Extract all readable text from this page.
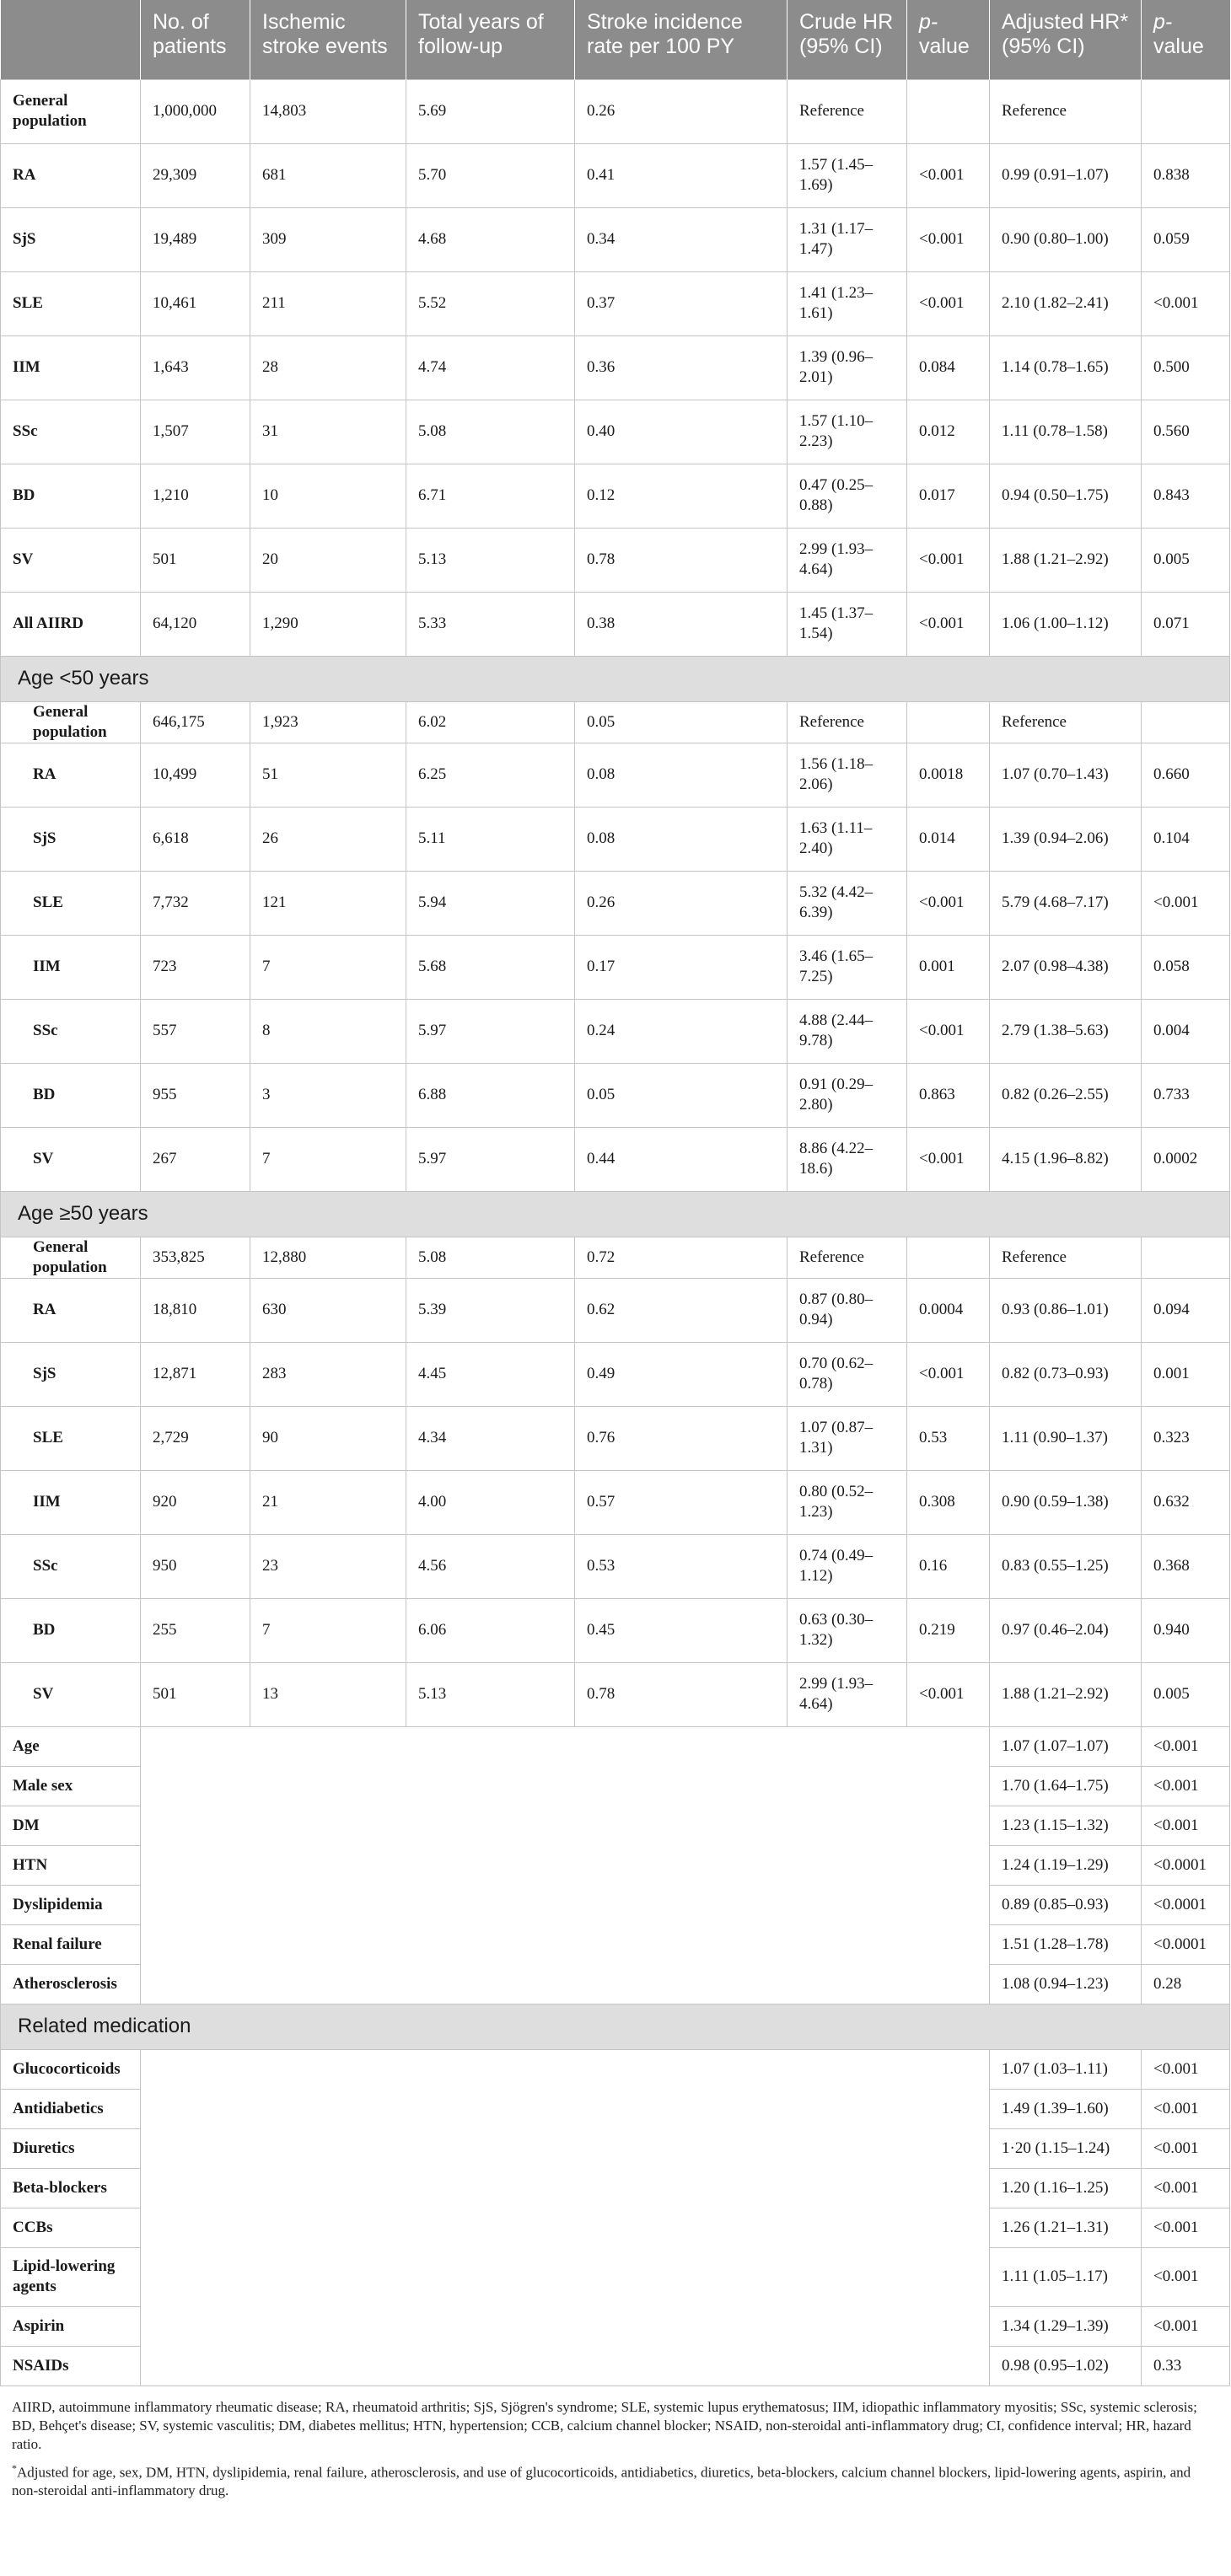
	No. of patients	Ischemic stroke events	Total years of follow-up	Stroke incidence rate per 100 PY	Crude HR (95% CI)	p-value	Adjusted HR* (95% CI)	p-value
General population	1,000,000	14,803	5.69	0.26	Reference		Reference	
RA	29,309	681	5.70	0.41	1.57 (1.45–1.69)	<0.001	0.99 (0.91–1.07)	0.838
SjS	19,489	309	4.68	0.34	1.31 (1.17–1.47)	<0.001	0.90 (0.80–1.00)	0.059
SLE	10,461	211	5.52	0.37	1.41 (1.23–1.61)	<0.001	2.10 (1.82–2.41)	<0.001
IIM	1,643	28	4.74	0.36	1.39 (0.96–2.01)	0.084	1.14 (0.78–1.65)	0.500
SSc	1,507	31	5.08	0.40	1.57 (1.10–2.23)	0.012	1.11 (0.78–1.58)	0.560
BD	1,210	10	6.71	0.12	0.47 (0.25–0.88)	0.017	0.94 (0.50–1.75)	0.843
SV	501	20	5.13	0.78	2.99 (1.93–4.64)	<0.001	1.88 (1.21–2.92)	0.005
All AIIRD	64,120	1,290	5.33	0.38	1.45 (1.37–1.54)	<0.001	1.06 (1.00–1.12)	0.071
Age <50 years								
General population	646,175	1,923	6.02	0.05	Reference		Reference	
RA	10,499	51	6.25	0.08	1.56 (1.18–2.06)	0.0018	1.07 (0.70–1.43)	0.660
SjS	6,618	26	5.11	0.08	1.63 (1.11–2.40)	0.014	1.39 (0.94–2.06)	0.104
SLE	7,732	121	5.94	0.26	5.32 (4.42–6.39)	<0.001	5.79 (4.68–7.17)	<0.001
IIM	723	7	5.68	0.17	3.46 (1.65–7.25)	0.001	2.07 (0.98–4.38)	0.058
SSc	557	8	5.97	0.24	4.88 (2.44–9.78)	<0.001	2.79 (1.38–5.63)	0.004
BD	955	3	6.88	0.05	0.91 (0.29–2.80)	0.863	0.82 (0.26–2.55)	0.733
SV	267	7	5.97	0.44	8.86 (4.22–18.6)	<0.001	4.15 (1.96–8.82)	0.0002
Age ≥50 years								
General population	353,825	12,880	5.08	0.72	Reference		Reference	
RA	18,810	630	5.39	0.62	0.87 (0.80–0.94)	0.0004	0.93 (0.86–1.01)	0.094
SjS	12,871	283	4.45	0.49	0.70 (0.62–0.78)	<0.001	0.82 (0.73–0.93)	0.001
SLE	2,729	90	4.34	0.76	1.07 (0.87–1.31)	0.53	1.11 (0.90–1.37)	0.323
IIM	920	21	4.00	0.57	0.80 (0.52–1.23)	0.308	0.90 (0.59–1.38)	0.632
SSc	950	23	4.56	0.53	0.74 (0.49–1.12)	0.16	0.83 (0.55–1.25)	0.368
BD	255	7	6.06	0.45	0.63 (0.30–1.32)	0.219	0.97 (0.46–2.04)	0.940
SV	501	13	5.13	0.78	2.99 (1.93–4.64)	<0.001	1.88 (1.21–2.92)	0.005
Age							1.07 (1.07–1.07)	<0.001
Male sex							1.70 (1.64–1.75)	<0.001
DM							1.23 (1.15–1.32)	<0.001
HTN							1.24 (1.19–1.29)	<0.0001
Dyslipidemia							0.89 (0.85–0.93)	<0.0001
Renal failure							1.51 (1.28–1.78)	<0.0001
Atherosclerosis							1.08 (0.94–1.23)	0.28
Related medication								
Glucocorticoids							1.07 (1.03–1.11)	<0.001
Antidiabetics							1.49 (1.39–1.60)	<0.001
Diuretics							1·20 (1.15–1.24)	<0.001
Beta-blockers							1.20 (1.16–1.25)	<0.001
CCBs							1.26 (1.21–1.31)	<0.001
Lipid-lowering agents							1.11 (1.05–1.17)	<0.001
Aspirin							1.34 (1.29–1.39)	<0.001
NSAIDs							0.98 (0.95–1.02)	0.33

AIIRD, autoimmune inflammatory rheumatic disease; RA, rheumatoid arthritis; SjS, Sjögren's syndrome; SLE, systemic lupus erythematosus; IIM, idiopathic inflammatory myositis; SSc, systemic sclerosis; BD, Behçet's disease; SV, systemic vasculitis; DM, diabetes mellitus; HTN, hypertension; CCB, calcium channel blocker; NSAID, non-steroidal anti-inflammatory drug; CI, confidence interval; HR, hazard ratio.

*Adjusted for age, sex, DM, HTN, dyslipidemia, renal failure, atherosclerosis, and use of glucocorticoids, antidiabetics, diuretics, beta-blockers, calcium channel blockers, lipid-lowering agents, aspirin, and non-steroidal anti-inflammatory drug.
